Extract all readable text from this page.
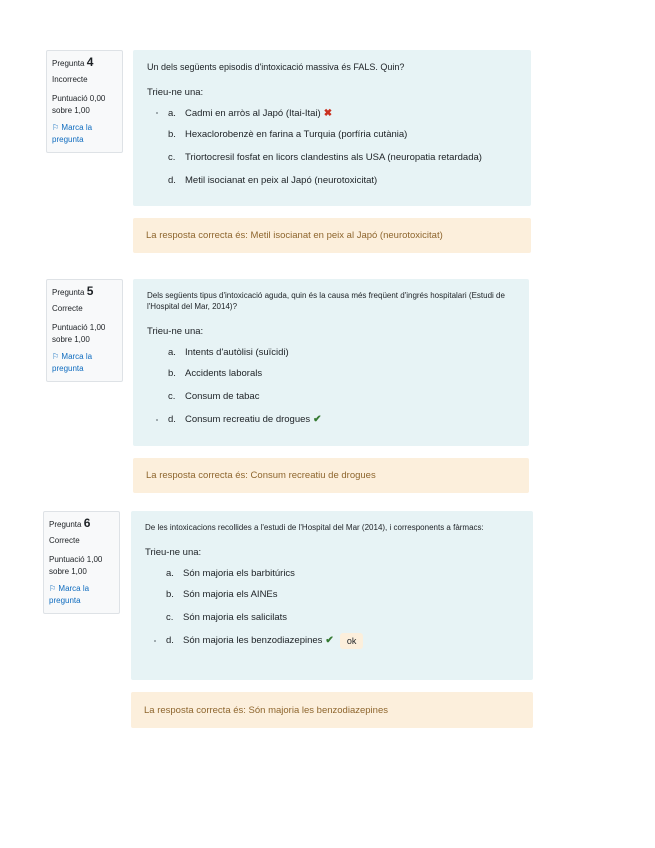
Pregunta 4
Incorrecte
Puntuació 0,00 sobre 1,00
⚐ Marca la pregunta
Un dels següents episodis d'intoxicació massiva és FALS. Quin?
Trieu-ne una:
a. Cadmi en arròs al Japó (Itai-Itai) ✖
b. Hexaclorobenzè en farina a Turquia (porfíria cutània)
c.	Triortocresil fosfat en licors clandestins als USA (neuropatia retardada)
d. Metil isocianat en peix al Japó (neurotoxicitat)
La resposta correcta és: Metil isocianat en peix al Japó (neurotoxicitat)
Pregunta 5
Correcte
Puntuació 1,00 sobre 1,00
⚐ Marca la pregunta
Dels següents tipus d'intoxicació aguda, quin és la causa més freqüent d'ingrés hospitalari (Estudi de l'Hospital del Mar, 2014)?
Trieu-ne una:
a. Intents d'autòlisi (suïcidi)
b. Accidents laborals
c.	Consum de tabac
d. Consum recreatiu de drogues ✔
La resposta correcta és: Consum recreatiu de drogues
Pregunta 6
Correcte
Puntuació 1,00 sobre 1,00
⚐ Marca la pregunta
De les intoxicacions recollides a l'estudi de l'Hospital del Mar (2014), i corresponents a fàrmacs:
Trieu-ne una:
a. Són majoria els barbitúrics
b. Són majoria els AINEs
c.	Són majoria els salicilats
d. Són majoria les benzodiazepines ✔	ok
La resposta correcta és: Són majoria les benzodiazepines
